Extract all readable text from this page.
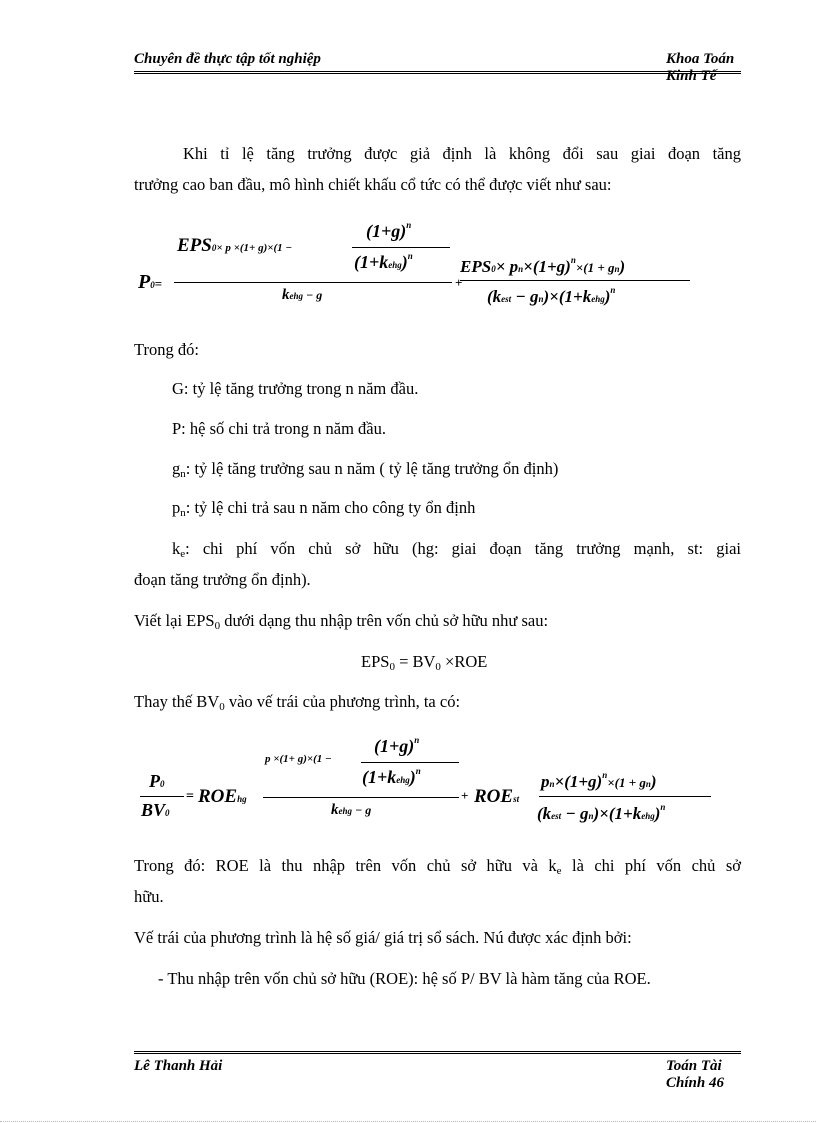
Chuyên đề thực tập tốt nghiệp	Khoa Toán Kinh Tế
Khi tỉ lệ tăng trưởng được giả định là không đổi sau giai đoạn tăng
trưởng cao ban đầu, mô hình chiết khấu cổ tức có thể được viết như sau:
P0=
EPS0× p ×(1+ g)×(1 −
$(1+g)^n$
(1+kehg)$^n$
kehg − g
+
$EPS0\times pn\times(1+g)^n\times(1 + gn)$
(kest − gn)×(1+kehg)$^n$
Trong đó:
G: tỷ lệ tăng trưởng trong n năm đầu.
P: hệ số chi trả trong n năm đầu.
$g_n$: tỷ lệ tăng trưởng sau n năm ( tỷ lệ tăng trưởng ổn định)
$p_n$: tỷ lệ chi trả sau n năm cho công ty ổn định
$k_e$: chi phí vốn chủ sở hữu (hg: giai đoạn tăng trưởng mạnh, st: giai
đoạn tăng trưởng ổn định).
Viết lại $EPS_0$ dưới dạng thu nhập trên vốn chủ sở hữu như sau:
$EPS_0 = BV_0 \times ROE$
Thay thế $BV_0$ vào vế trái của phương trình, ta có:
P0
BV0
= ROEhg
p ×(1+ g)×(1 −
$(1+g)^n$
(1+kehg)$^n$
kehg − g
+ ROEst
$pn\times(1+g)^n\times(1 + gn)$
(kest − gn)×(1+kehg)$^n$
Trong đó: ROE là thu nhập trên vốn chủ sở hữu và $k_e$ là chi phí vốn chủ sở
hữu.
Vế trái của phương trình là hệ số giá/ giá trị sổ sách. Nú được xác định bởi:
- Thu nhập trên vốn chủ sở hữu (ROE): hệ số P/ BV là hàm tăng của ROE.
Lê Thanh Hải	Toán Tài Chính 46
